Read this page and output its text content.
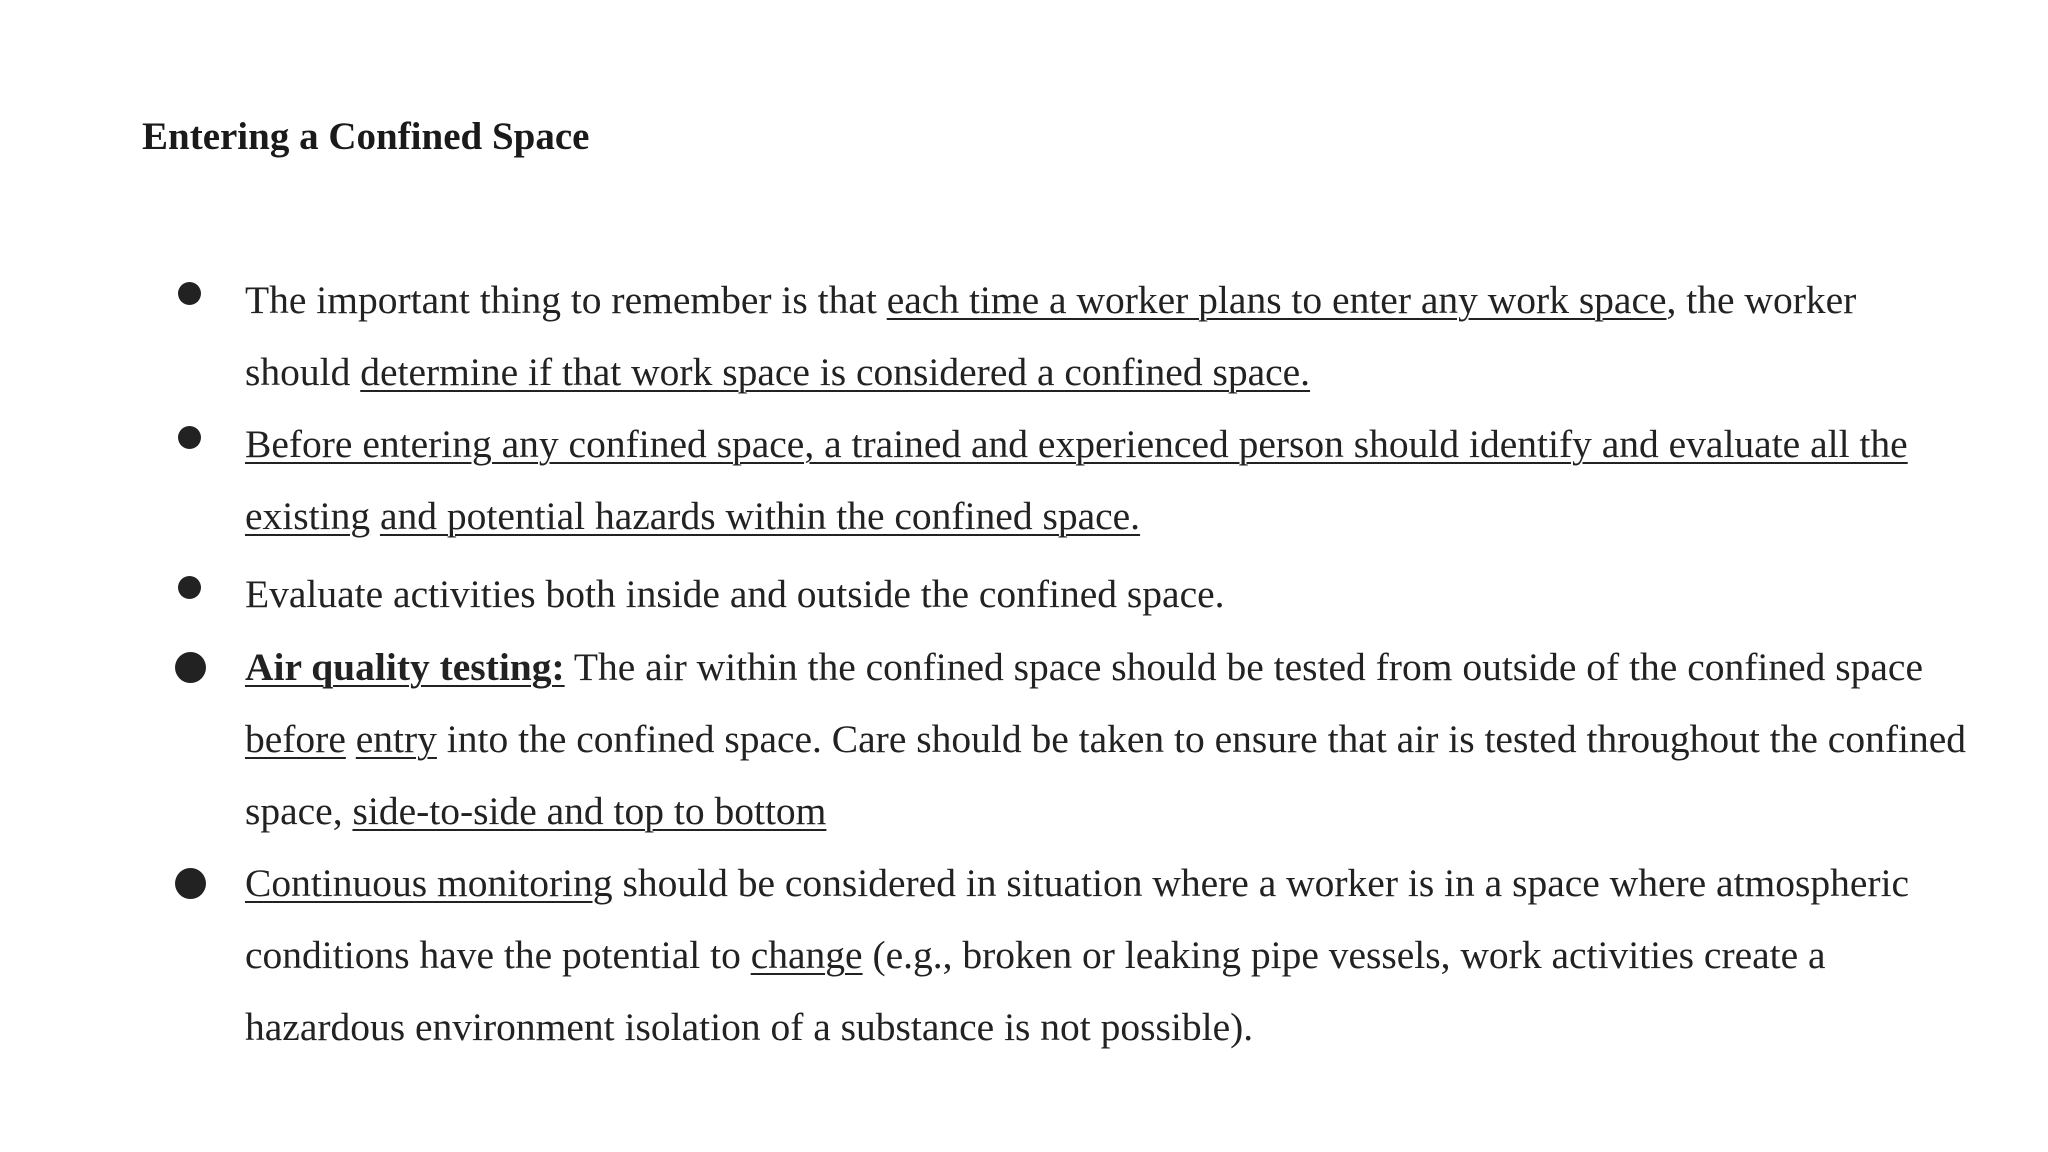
Entering a Confined Space
The important thing to remember is that each time a worker plans to enter any work space, the worker
should determine if that work space is considered a confined space.
Before entering any confined space, a trained and experienced person should identify and evaluate all the
existing and potential hazards within the confined space.
Evaluate activities both inside and outside the confined space.
Air quality testing: The air within the confined space should be tested from outside of the confined space
before entry into the confined space. Care should be taken to ensure that air is tested throughout the confined
space, side-to-side and top to bottom
Continuous monitoring should be considered in situation where a worker is in a space where atmospheric
conditions have the potential to change (e.g., broken or leaking pipe vessels, work activities create a
hazardous environment isolation of a substance is not possible).
